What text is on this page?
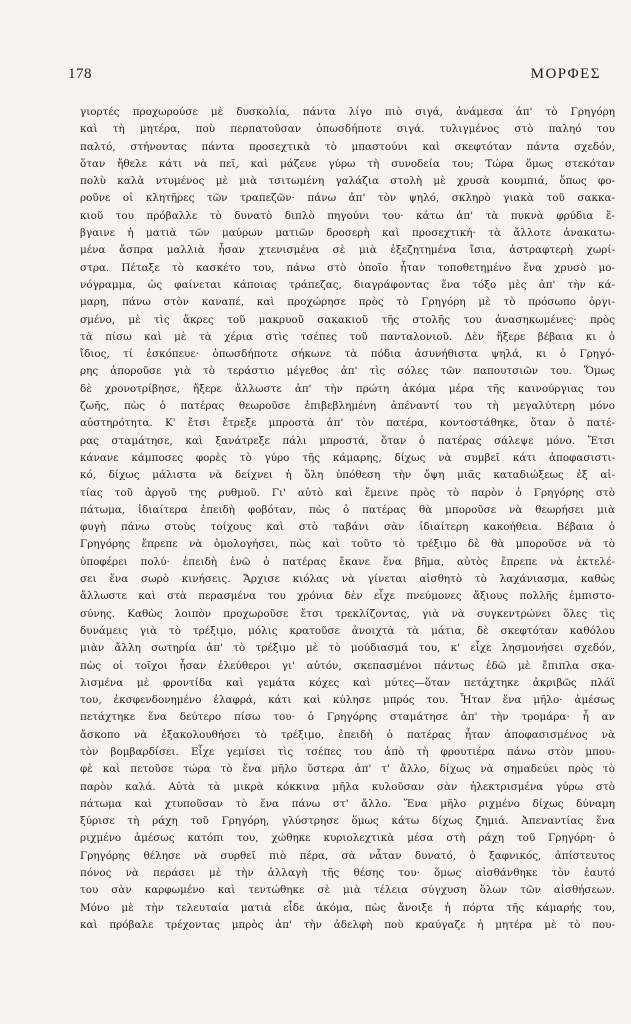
178	ΜΟΡΦΕΣ
γιορτές προχωρούσε μὲ δυσκολία, πάντα λίγο πιὸ σιγά, ἀνάμεσα ἀπ' τὸ Γρηγόρη
καὶ τὴ μητέρα, ποὺ περπατοῦσαν ὁπωσδήποτε σιγά. τυλιγμένος στὸ παληό του
παλτό, στήνοντας πάντα προσεχτικὰ τὸ μπαστούνι καὶ σκεφτόταν πάντα σχεδόν,
ὅταν ἤθελε κάτι νὰ πεῖ, καὶ μάζευε γύρω τὴ συνοδεία του; Τώρα ὅμως στεκόταν
πολὺ καλὰ ντυμένος μὲ μιὰ τσιτωμένη γαλάζια στολὴ μὲ χρυσὰ κουμπιά, ὅπως φο-
ροῦνε οἱ κλητῆρες τῶν τραπεζῶν· πάνω ἀπ' τὸν ψηλό, σκληρὸ γιακὰ τοῦ σακκα-
κιοῦ του πρόβαλλε τὸ δυνατὸ διπλὸ πηγούνι του· κάτω ἀπ' τὰ πυκνὰ φρύδια ἔ-
βγαινε ἡ ματιὰ τῶν μαύρων ματιῶν δροσερὴ καὶ προσεχτική· τὰ ἄλλοτε ἀνακατω-
μένα ἄσπρα μαλλιὰ ἦσαν χτενισμένα σὲ μιὰ ἐξεζητημένα ἴσια, ἀστραφτερὴ χωρί-
στρα. Πέταξε τὸ κασκέτο του, πάνω στὸ ὁποῖο ἦταν τοποθετημένο ἕνα χρυσὸ μο-
νόγραμμα, ὡς φαίνεται κάποιας τράπεζας, διαγράφοντας ἕνα τόξο μὲς ἀπ' τὴν κά-
μαρη, πάνω στὸν καναπέ, καὶ προχώρησε πρὸς τὸ Γρηγόρη μὲ τὸ πρόσωπο ὀργι-
σμένο, μὲ τὶς ἄκρες τοῦ μακρυοῦ σακακιοῦ τῆς στολῆς του ἀνασηκωμένες· πρὸς
τὰ πίσω καὶ μὲ τὰ χέρια στὶς τσέπες τοῦ πανταλονιοῦ. Δὲν ἤξερε βέβαια κι ὁ
ἴδιος, τί ἐσκόπευε· ὁπωσδήποτε σήκωνε τὰ πόδια ἀσυνήθιστα ψηλά, κι ὁ Γρηγό-
ρης ἀποροῦσε γιὰ τὸ τεράστιο μέγεθος ἀπ' τὶς σόλες τῶν παπουτσιῶν του. Ὅμως
δὲ χρονοτρίβησε, ἤξερε ἄλλωστε ἀπ' τὴν πρώτη ἀκόμα μέρα τῆς καινούργιας του
ζωῆς, πὼς ὁ πατέρας θεωροῦσε ἐπιβεβλημένη ἀπέναντί του τὴ μεγαλύτερη μόνο
αὐστηρότητα. Κ' ἔτσι ἔτρεξε μπροστὰ ἀπ' τὸν πατέρα, κοντοστάθηκε, ὅταν ὁ πατέ-
ρας σταμάτησε, καὶ ξανάτρεξε πάλι μπροστά, ὅταν ὁ πατέρας σάλεψε μόνο. Ἔτσι
κάνανε κάμποσες φορὲς τὸ γύρο τῆς κάμαρης, δίχως νὰ συμβεῖ κάτι ἀποφασιστι-
κό, δίχως μάλιστα νὰ δείχνει ἡ ὅλη ὑπόθεση τὴν ὄψη μιᾶς καταδιώξεως ἐξ αἰ-
τίας τοῦ ἀργοῦ της ρυθμοῦ. Γι' αὐτὸ καὶ ἔμεινε πρὸς τὸ παρὸν ὁ Γρηγόρης στὸ
πάτωμα, ἰδιαίτερα ἐπειδὴ φοβόταν, πὼς ὁ πατέρας θὰ μποροῦσε νὰ θεωρήσει μιὰ
φυγὴ πάνω στοὺς τοίχους καὶ στὸ ταβάνι σὰν ἰδιαίτερη κακοήθεια. Βέβαια ὁ
Γρηγόρης ἔπρεπε νὰ ὁμολογήσει, πὼς καὶ τοῦτο τὸ τρέξιμο δὲ θὰ μποροῦσε νὰ τὸ
ὑποφέρει πολύ· ἐπειδὴ ἐνῶ ὁ πατέρας ἔκανε ἕνα βῆμα, αὐτὸς ἔπρεπε νὰ ἐκτελέ-
σει ἕνα σωρὸ κινήσεις. Ἄρχισε κιόλας νὰ γίνεται αἰσθητὸ τὸ λαχάνιασμα, καθὼς
ἄλλωστε καὶ στὰ περασμένα του χρόνια δὲν εἶχε πνεύμονες ἄξιους πολλῆς ἐμπιστο-
σύνης. Καθὼς λοιπὸν προχωροῦσε ἔτσι τρεκλίζοντας, γιὰ νὰ συγκεντρώνει ὅλες τὶς
δυνάμεις γιὰ τὸ τρέξιμο, μόλις κρατοῦσε ἀνοιχτὰ τὰ μάτια, δὲ σκεφτόταν καθόλου
μιὰν ἄλλη σωτηρία ἀπ' τὸ τρέξιμο μὲ τὸ μούδιασμά του, κ' εἶχε λησμονήσει σχεδόν,
πὼς οἱ τοῖχοι ἦσαν ἐλεύθεροι γι' αὐτόν, σκεπασμένοι πάντως ἐδῶ μὲ ἔπιπλα σκα-
λισμένα μὲ φροντίδα καὶ γεμάτα κόχες καὶ μύτες—ὅταν πετάχτηκε ἀκριβῶς πλάϊ
του, ἐκσφενδονημένο ἐλαφρά, κάτι καὶ κύλησε μπρός του. Ἦταν ἕνα μῆλο· ἀμέσως
πετάχτηκε ἕνα δεύτερο πίσω του· ὁ Γρηγόρης σταμάτησε ἀπ' τὴν τρομάρα· ἦ αν
ἄσκοπο νὰ ἐξακολουθήσει τὸ τρέξιμο, ἐπειδὴ ὁ πατέρας ἦταν ἀποφασισμένος νὰ
τὸν βομβαρδίσει. Εἶχε γεμίσει τὶς τσέπες του ἀπὸ τὴ φρουτιέρα πάνω στὸν μπου-
φὲ καὶ πετοῦσε τώρα τὸ ἕνα μῆλο ὕστερα ἀπ' τ' ἄλλο, δίχως νὰ σημαδεύει πρὸς τὸ
παρὸν καλά. Αὐτὰ τὰ μικρὰ κόκκινα μῆλα κυλοῦσαν σὰν ἠλεκτρισμένα γύρω στὸ
πάτωμα καὶ χτυποῦσαν τὸ ἕνα πάνω στ' ἄλλο. Ἕνα μῆλο ριχμένο δίχως δύναμη
ξύρισε τὴ ράχη τοῦ Γρηγόρη, γλύστρησε ὅμως κάτω δίχως ζημιά. Ἀπεναντίας ἕνα
ριχμένο ἀμέσως κατόπι του, χώθηκε κυριολεχτικὰ μέσα στὴ ράχη τοῦ Γρηγόρη· ὁ
Γρηγόρης θέλησε νὰ συρθεῖ πιὸ πέρα, σὰ νἆταν δυνατό, ὁ ξαφνικός, ἀπίστευτος
πόνος νὰ περάσει μὲ τὴν ἀλλαγὴ τῆς θέσης του· ὅμως αἰσθάνθηκε τὸν ἑαυτό
του σὰν καρφωμένο καὶ τεντώθηκε σὲ μιὰ τέλεια σύγχυση ὅλων τῶν αἰσθήσεων.
Μόνο μὲ τὴν τελευταία ματιὰ εἶδε ἀκόμα, πὼς ἄνοιξε ἡ πόρτα τῆς κάμαρής του,
καὶ πρόβαλε τρέχοντας μπρὸς ἀπ' τὴν ἀδελφὴ ποὺ κραύγαζε ἡ μητέρα μὲ τὸ που-
